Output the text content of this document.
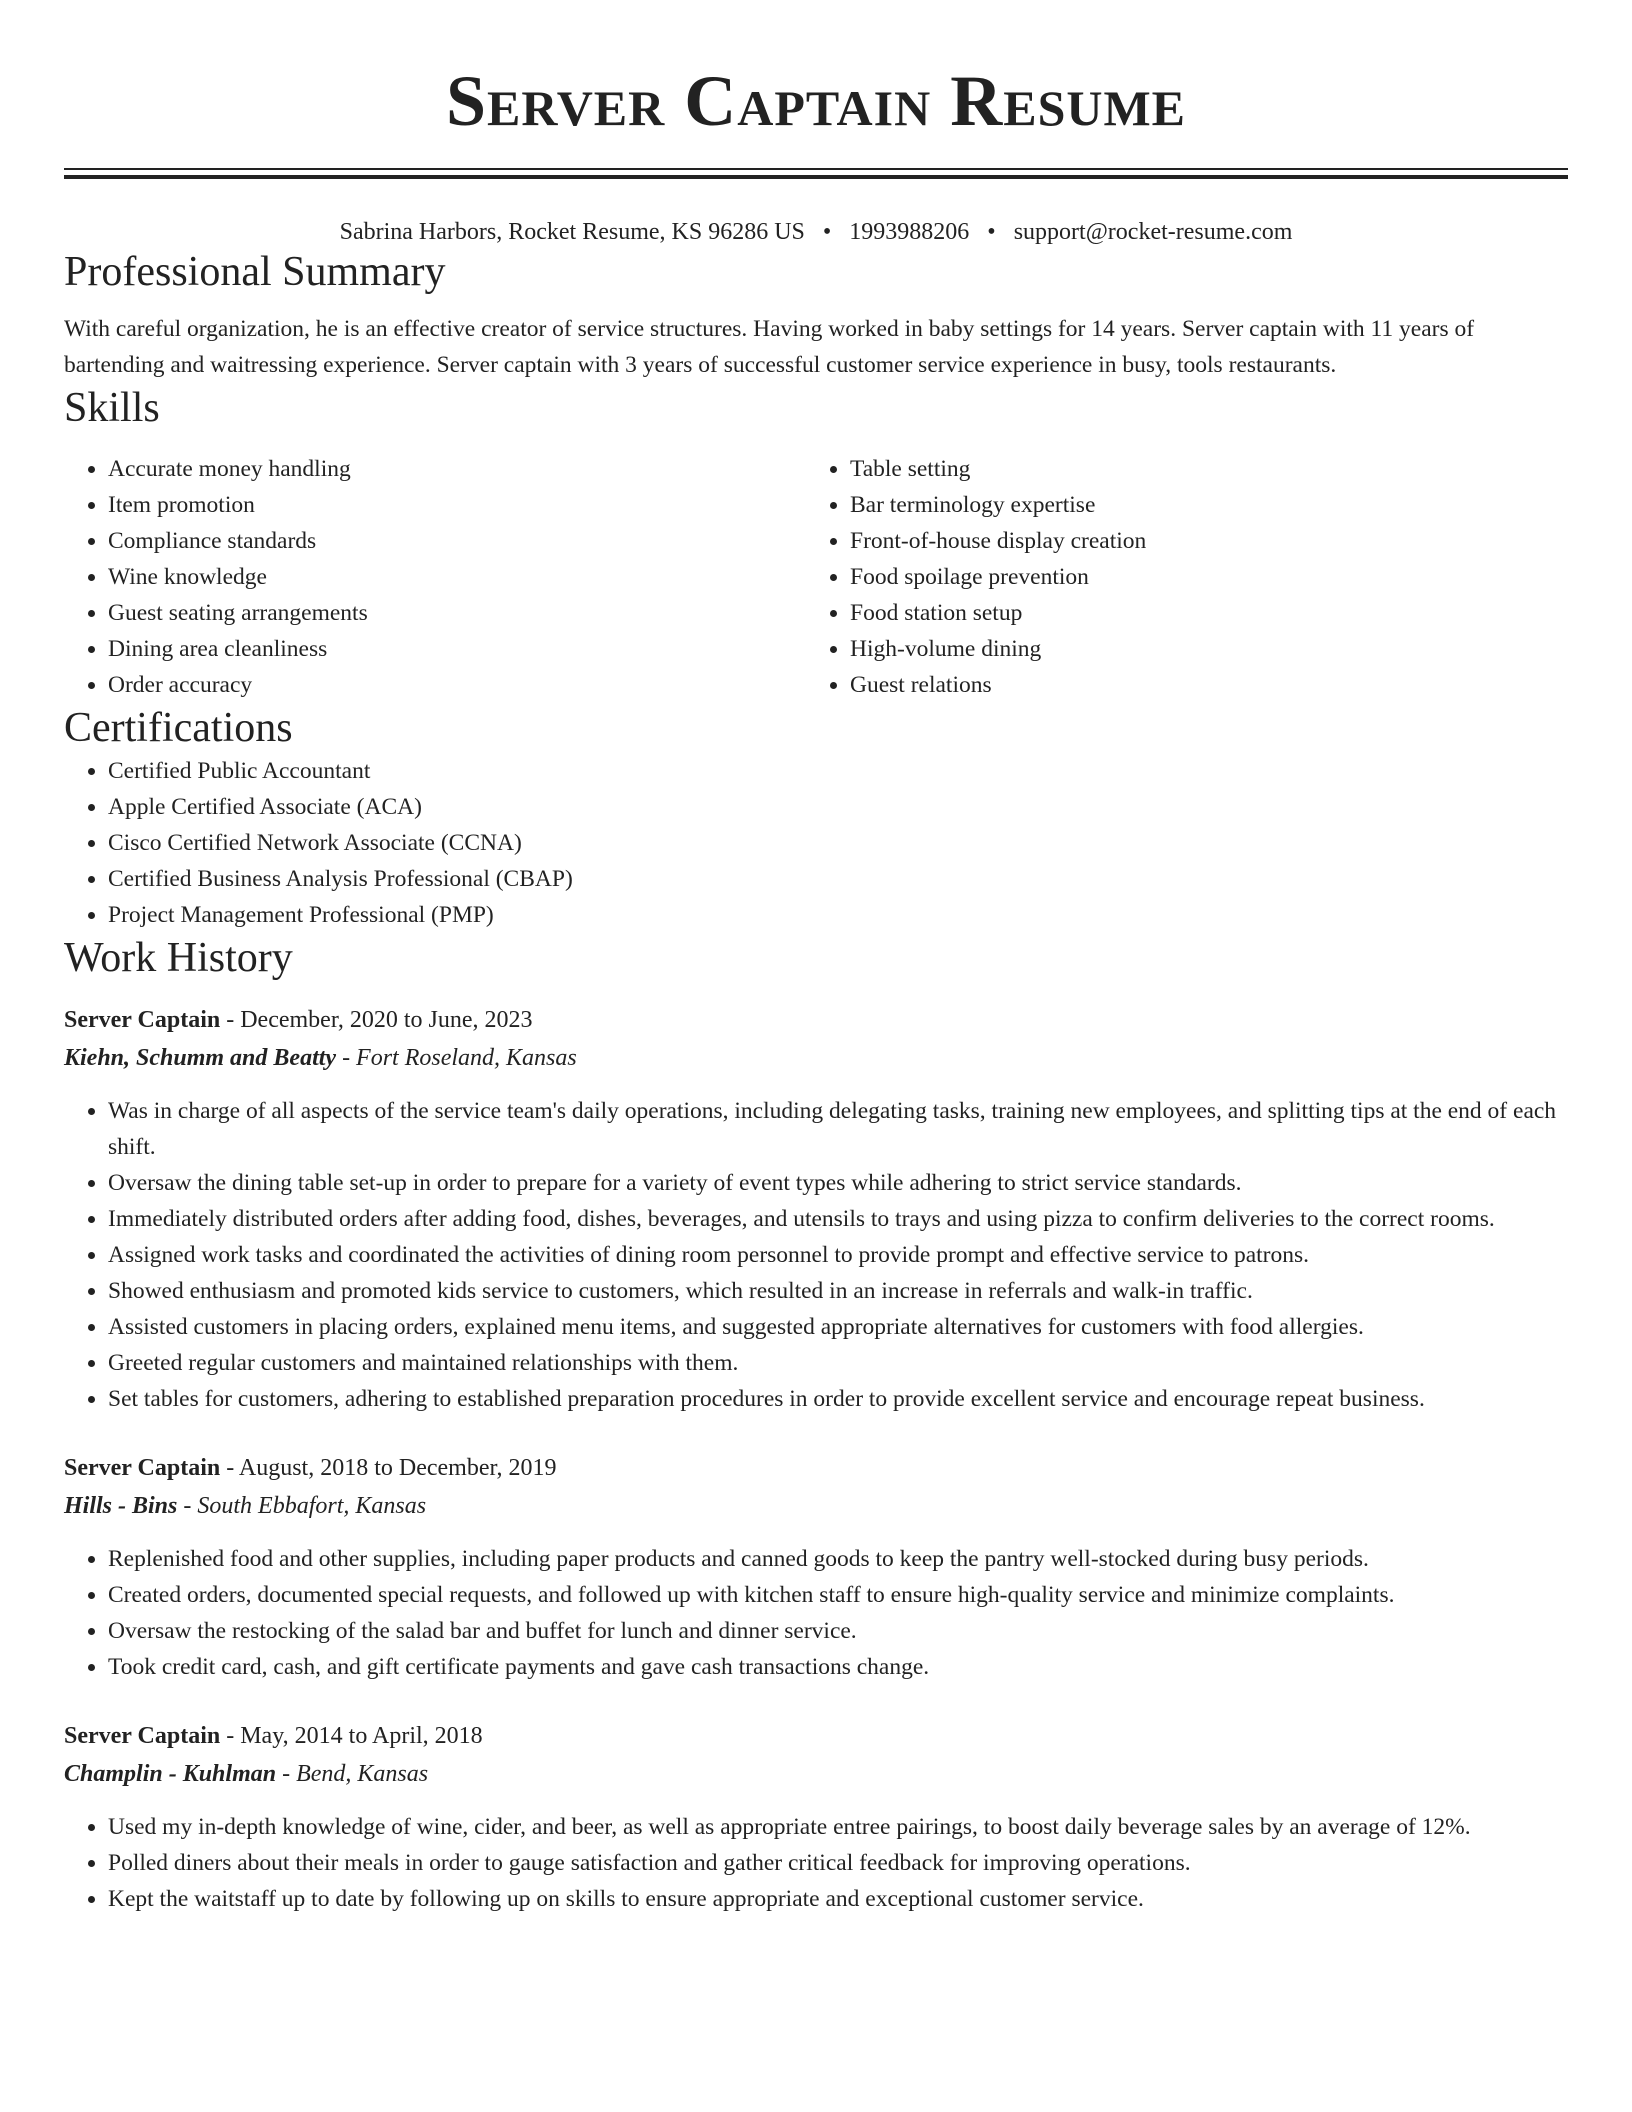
Server Captain Resume
Sabrina Harbors, Rocket Resume, KS 96286 US • 1993988206 • support@rocket-resume.com
Professional Summary

With careful organization, he is an effective creator of service structures. Having worked in baby settings for 14 years. Server captain with 11 years of bartending and waitressing experience. Server captain with 3 years of successful customer service experience in busy, tools restaurants.

Skills
• Accurate money handling
• Item promotion
• Compliance standards
• Wine knowledge
• Guest seating arrangements
• Dining area cleanliness
• Order accuracy
• Table setting
• Bar terminology expertise
• Front-of-house display creation
• Food spoilage prevention
• Food station setup
• High-volume dining
• Guest relations
Certifications
• Certified Public Accountant
• Apple Certified Associate (ACA)
• Cisco Certified Network Associate (CCNA)
• Certified Business Analysis Professional (CBAP)
• Project Management Professional (PMP)
Work History
Server Captain - December, 2020 to June, 2023
Kiehn, Schumm and Beatty - Fort Roseland, Kansas
• Was in charge of all aspects of the service team's daily operations, including delegating tasks, training new employees, and splitting tips at the end of each shift.
• Oversaw the dining table set-up in order to prepare for a variety of event types while adhering to strict service standards.
• Immediately distributed orders after adding food, dishes, beverages, and utensils to trays and using pizza to confirm deliveries to the correct rooms.
• Assigned work tasks and coordinated the activities of dining room personnel to provide prompt and effective service to patrons.
• Showed enthusiasm and promoted kids service to customers, which resulted in an increase in referrals and walk-in traffic.
• Assisted customers in placing orders, explained menu items, and suggested appropriate alternatives for customers with food allergies.
• Greeted regular customers and maintained relationships with them.
• Set tables for customers, adhering to established preparation procedures in order to provide excellent service and encourage repeat business.
Server Captain - August, 2018 to December, 2019
Hills - Bins - South Ebbafort, Kansas
• Replenished food and other supplies, including paper products and canned goods to keep the pantry well-stocked during busy periods.
• Created orders, documented special requests, and followed up with kitchen staff to ensure high-quality service and minimize complaints.
• Oversaw the restocking of the salad bar and buffet for lunch and dinner service.
• Took credit card, cash, and gift certificate payments and gave cash transactions change.
Server Captain - May, 2014 to April, 2018
Champlin - Kuhlman - Bend, Kansas
• Used my in-depth knowledge of wine, cider, and beer, as well as appropriate entree pairings, to boost daily beverage sales by an average of 12%.
• Polled diners about their meals in order to gauge satisfaction and gather critical feedback for improving operations.
• Kept the waitstaff up to date by following up on skills to ensure appropriate and exceptional customer service.
